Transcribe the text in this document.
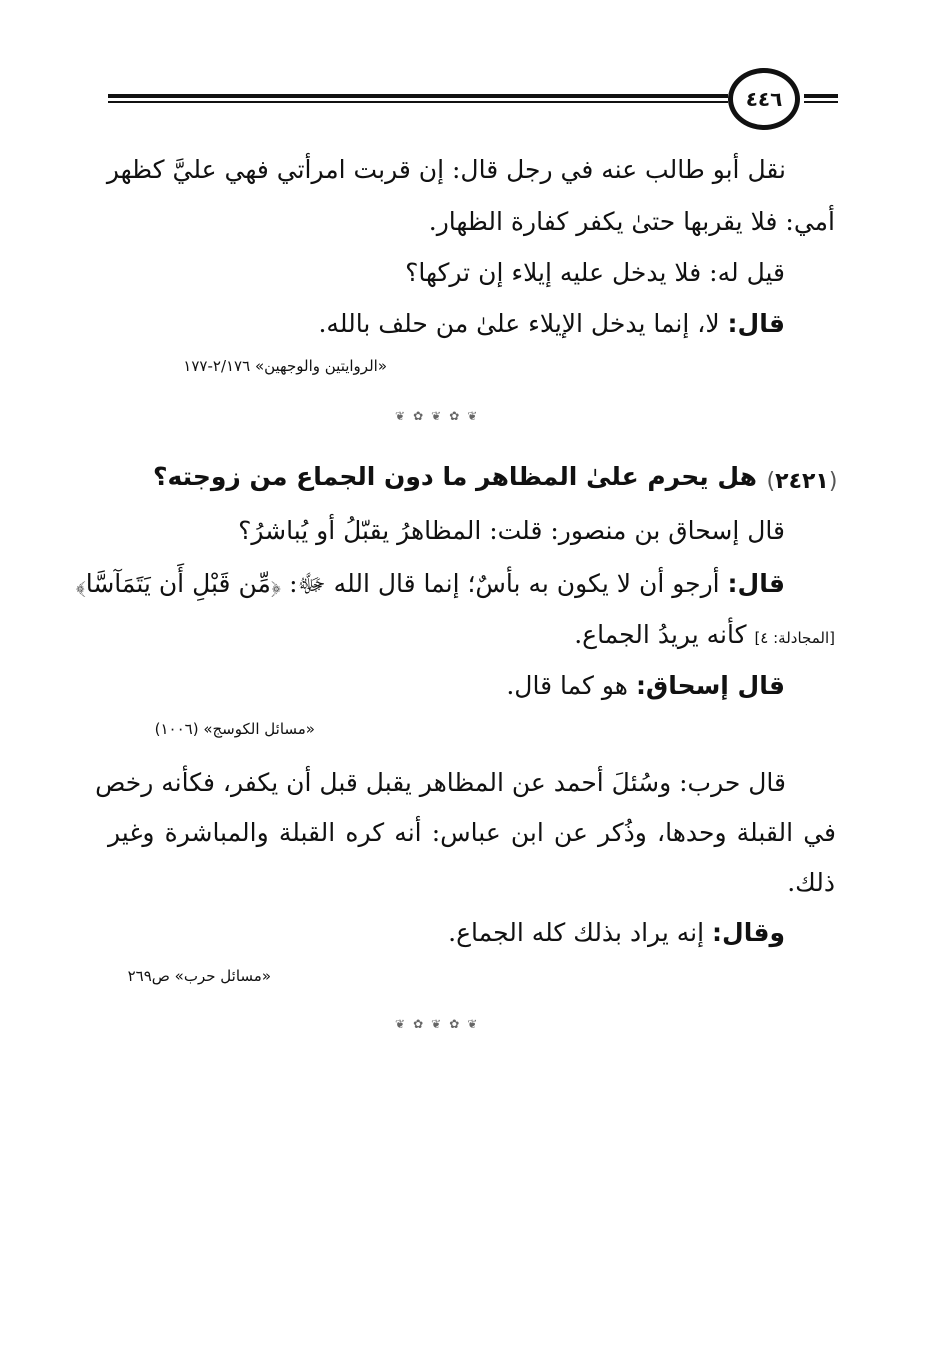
٤٤٦
نقل أبو طالب عنه في رجل قال: إن قربت امرأتي فهي عليَّ كظهر
أمي: فلا يقربها حتىٰ يكفر كفارة الظهار.
قيل له: فلا يدخل عليه إيلاء إن تركها؟
قال: لا، إنما يدخل الإيلاء علىٰ من حلف بالله.
«الروايتين والوجهين» ٢/١٧٦-١٧٧
❦ ✿ ❦ ✿ ❦
( ٢٤٢١ )
هل يحرم علىٰ المظاهر ما دون الجماع من زوجته؟
قال إسحاق بن منصور: قلت: المظاهرُ يقبّلُ أو يُباشرُ؟
قال: أرجو أن لا يكون به بأسٌ؛ إنما قال الله ﷻ: ﴿مِّن قَبْلِ أَن يَتَمَآسَّا﴾
[المجادلة: ٤] كأنه يريدُ الجماع.
قال إسحاق: هو كما قال.
«مسائل الكوسج» (١٠٠٦)
قال حرب: وسُئلَ أحمد عن المظاهر يقبل قبل أن يكفر، فكأنه رخص
في القبلة وحدها، وذُكر عن ابن عباس: أنه كره القبلة والمباشرة وغير
ذلك.
وقال: إنه يراد بذلك كله الجماع.
«مسائل حرب» ص٢٦٩
❦ ✿ ❦ ✿ ❦
